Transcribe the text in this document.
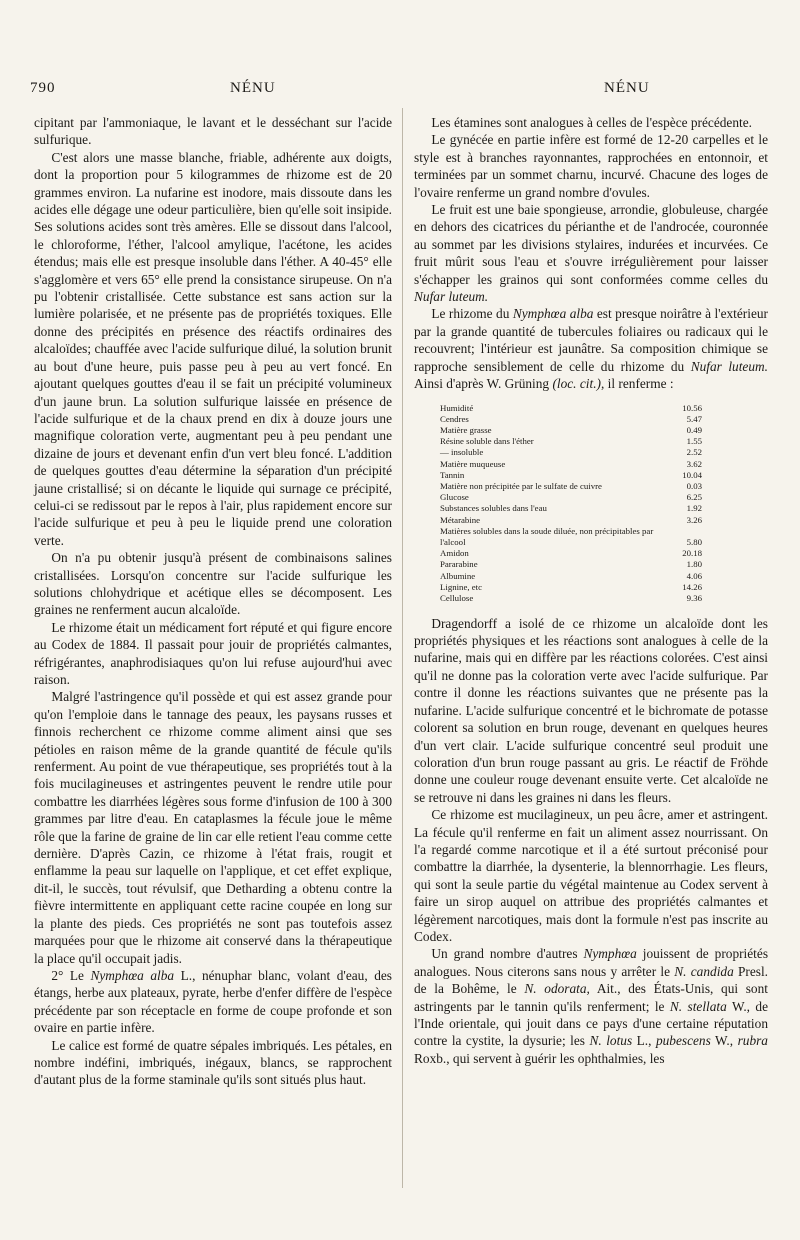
790	NÉNU	NÉNU

cipitant par l'ammoniaque, le lavant et le desséchant sur l'acide sulfurique.

C'est alors une masse blanche, friable, adhérente aux doigts, dont la proportion pour 5 kilogrammes de rhizome est de 20 grammes environ. La nufarine est inodore, mais dissoute dans les acides elle dégage une odeur particulière, bien qu'elle soit insipide. Ses solutions acides sont très amères. Elle se dissout dans l'alcool, le chloroforme, l'éther, l'alcool amylique, l'acétone, les acides étendus; mais elle est presque insoluble dans l'éther. A 40-45° elle s'agglomère et vers 65° elle prend la consistance sirupeuse. On n'a pu l'obtenir cristallisée. Cette substance est sans action sur la lumière polarisée, et ne présente pas de propriétés toxiques. Elle donne des précipités en présence des réactifs ordinaires des alcaloïdes; chauffée avec l'acide sulfurique dilué, la solution brunit au bout d'une heure, puis passe peu à peu au vert foncé. En ajoutant quelques gouttes d'eau il se fait un précipité volumineux d'un jaune brun. La solution sulfurique laissée en présence de l'acide sulfurique et de la chaux prend en dix à douze jours une magnifique coloration verte, augmentant peu à peu pendant une dizaine de jours et devenant enfin d'un vert bleu foncé. L'addition de quelques gouttes d'eau détermine la séparation d'un précipité jaune cristallisé; si on décante le liquide qui surnage ce précipité, celui-ci se redissout par le repos à l'air, plus rapidement encore sur l'acide sulfurique et peu à peu le liquide prend une coloration verte.

On n'a pu obtenir jusqu'à présent de combinaisons salines cristallisées. Lorsqu'on concentre sur l'acide sulfurique les solutions chlohydrique et acétique elles se décomposent. Les graines ne renferment aucun alcaloïde.

Le rhizome était un médicament fort réputé et qui figure encore au Codex de 1884. Il passait pour jouir de propriétés calmantes, réfrigérantes, anaphrodisiaques qu'on lui refuse aujourd'hui avec raison.

Malgré l'astringence qu'il possède et qui est assez grande pour qu'on l'emploie dans le tannage des peaux, les paysans russes et finnois recherchent ce rhizome comme aliment ainsi que ses pétioles en raison même de la grande quantité de fécule qu'ils renferment. Au point de vue thérapeutique, ses propriétés tout à la fois mucilagineuses et astringentes peuvent le rendre utile pour combattre les diarrhées légères sous forme d'infusion de 100 à 300 grammes par litre d'eau. En cataplasmes la fécule joue le même rôle que la farine de graine de lin car elle retient l'eau comme cette dernière. D'après Cazin, ce rhizome à l'état frais, rougit et enflamme la peau sur laquelle on l'applique, et cet effet explique, dit-il, le succès, tout révulsif, que Detharding a obtenu contre la fièvre intermittente en appliquant cette racine coupée en long sur la plante des pieds. Ces propriétés ne sont pas toutefois assez marquées pour que le rhizome ait conservé dans la thérapeutique la place qu'il occupait jadis.

2° Le Nymphœa alba L., nénuphar blanc, volant d'eau, des étangs, herbe aux plateaux, pyrate, herbe d'enfer diffère de l'espèce précédente par son réceptacle en forme de coupe profonde et son ovaire en partie infère.

Le calice est formé de quatre sépales imbriqués. Les pétales, en nombre indéfini, imbriqués, inégaux, blancs, se rapprochent d'autant plus de la forme staminale qu'ils sont situés plus haut.

Les étamines sont analogues à celles de l'espèce précédente.

Le gynécée en partie infère est formé de 12-20 carpelles et le style est à branches rayonnantes, rapprochées en entonnoir, et terminées par un sommet charnu, incurvé. Chacune des loges de l'ovaire renferme un grand nombre d'ovules.

Le fruit est une baie spongieuse, arrondie, globuleuse, chargée en dehors des cicatrices du périanthe et de l'androcée, couronnée au sommet par les divisions stylaires, indurées et incurvées. Ce fruit mûrit sous l'eau et s'ouvre irrégulièrement pour laisser s'échapper les grainos qui sont conformées comme celles du Nufar luteum.

Le rhizome du Nymphœa alba est presque noirâtre à l'extérieur par la grande quantité de tubercules foliaires ou radicaux qui le recouvrent; l'intérieur est jaunâtre. Sa composition chimique se rapproche sensiblement de celle du rhizome du Nufar luteum. Ainsi d'après W. Grüning (loc. cit.), il renferme :

Humidité		10.56
Cendres		5.47
Matière grasse		0.49
Résine soluble dans l'éther		1.55
— insoluble		2.52
Matière muqueuse		3.62
Tannin		10.04
Matière non précipitée par le sulfate de cuivre		0.03
Glucose		6.25
Substances solubles dans l'eau		1.92
Métarabine		3.26
Matières solubles dans la soude diluée, non précipitables par l'alcool		5.80
Amidon		20.18
Pararabine		1.80
Albumine		4.06
Lignine, etc		14.26
Cellulose		9.36

Dragendorff a isolé de ce rhizome un alcaloïde dont les propriétés physiques et les réactions sont analogues à celle de la nufarine, mais qui en diffère par les réactions colorées. C'est ainsi qu'il ne donne pas la coloration verte avec l'acide sulfurique. Par contre il donne les réactions suivantes que ne présente pas la nufarine. L'acide sulfurique concentré et le bichromate de potasse colorent sa solution en brun rouge, devenant en quelques heures d'un vert clair. L'acide sulfurique concentré seul produit une coloration d'un brun rouge passant au gris. Le réactif de Fröhde donne une couleur rouge devenant ensuite verte. Cet alcaloïde ne se retrouve ni dans les graines ni dans les fleurs.

Ce rhizome est mucilagineux, un peu âcre, amer et astringent. La fécule qu'il renferme en fait un aliment assez nourrissant. On l'a regardé comme narcotique et il a été surtout préconisé pour combattre la diarrhée, la dysenterie, la blennorrhagie. Les fleurs, qui sont la seule partie du végétal maintenue au Codex servent à faire un sirop auquel on attribue des propriétés calmantes et légèrement narcotiques, mais dont la formule n'est pas inscrite au Codex.

Un grand nombre d'autres Nymphœa jouissent de propriétés analogues. Nous citerons sans nous y arrêter le N. candida Presl. de la Bohême, le N. odorata, Ait., des États-Unis, qui sont astringents par le tannin qu'ils renferment; le N. stellata W., de l'Inde orientale, qui jouit dans ce pays d'une certaine réputation contre la cystite, la dysurie; les N. lotus L., pubescens W., rubra Roxb., qui servent à guérir les ophthalmies, les
